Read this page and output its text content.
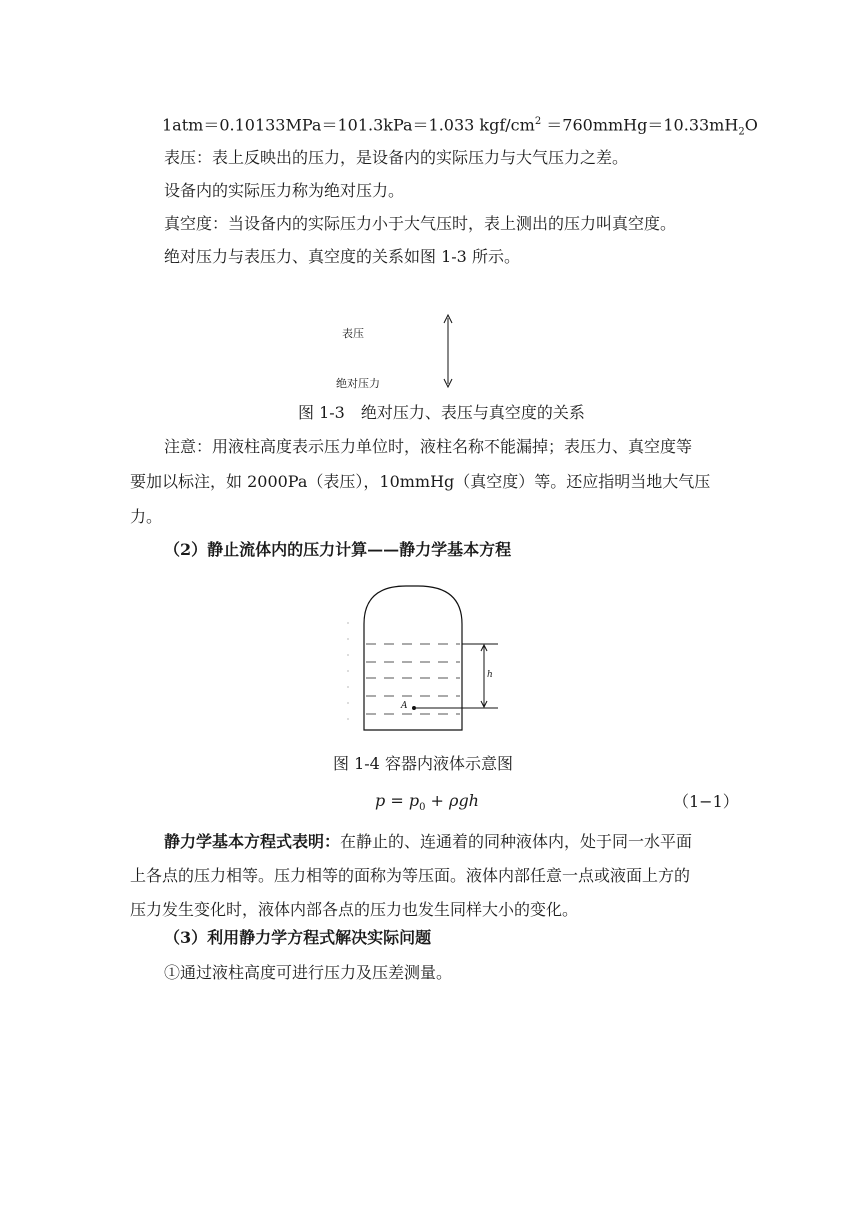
1atm＝0.10133MPa＝101.3kPa＝1.033 kgf/$cm^2$ $=760mmHg=10.33mH_2O$
表压：表上反映出的压力，是设备内的实际压力与大气压力之差。
设备内的实际压力称为绝对压力。
真空度：当设备内的实际压力小于大气压时，表上测出的压力叫真空度。
绝对压力与表压力、真空度的关系如图 1-3 所示。
表压
绝对压力
图 1-3　绝对压力、表压与真空度的关系
注意：用液柱高度表示压力单位时，液柱名称不能漏掉；表压力、真空度等
要加以标注，如 2000Pa（表压），10mmHg（真空度）等。还应指明当地大气压
力。
（2）静止流体内的压力计算——静力学基本方程
h
A
图 1-4 容器内液体示意图
$p = p_0 + \rho gh$	（1−1）
静力学基本方程式表明：在静止的、连通着的同种液体内，处于同一水平面
上各点的压力相等。压力相等的面称为等压面。液体内部任意一点或液面上方的
压力发生变化时，液体内部各点的压力也发生同样大小的变化。
（3）利用静力学方程式解决实际问题
①通过液柱高度可进行压力及压差测量。
